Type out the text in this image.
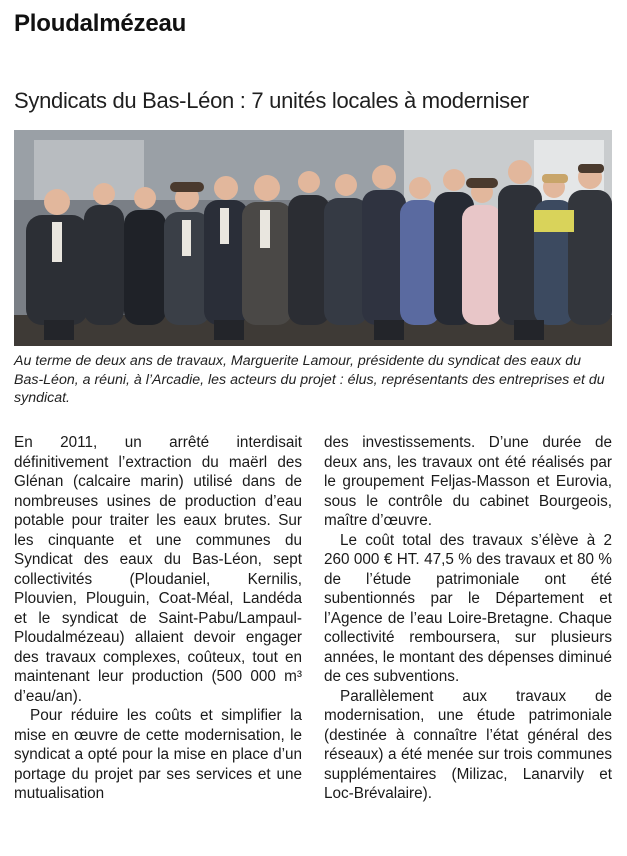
Ploudalmézeau
Syndicats du Bas-Léon : 7 unités locales à moderniser

Au terme de deux ans de travaux, Marguerite Lamour, présidente du syndicat des eaux du Bas-Léon, a réuni, à l’Arcadie, les acteurs du projet : élus, représentants des entreprises et du syndicat.

En 2011, un arrêté interdisait définitivement l’extraction du maërl des Glénan (calcaire marin) utilisé dans de nombreuses usines de production d’eau potable pour traiter les eaux brutes. Sur les cinquante et une communes du Syndicat des eaux du Bas-Léon, sept collectivités (Ploudaniel, Kernilis, Plouvien, Plouguin, Coat-Méal, Landéda et le syndicat de Saint-Pabu/Lampaul-Ploudalmézeau) allaient devoir engager des travaux complexes, coûteux, tout en maintenant leur production (500 000 m³ d’eau/an).

Pour réduire les coûts et simplifier la mise en œuvre de cette modernisation, le syndicat a opté pour la mise en place d’un portage du projet par ses services et une mutualisation

des investissements. D’une durée de deux ans, les travaux ont été réalisés par le groupement Feljas-Masson et Eurovia, sous le contrôle du cabinet Bourgeois, maître d’œuvre.

Le coût total des travaux s’élève à 2 260 000 € HT. 47,5 % des travaux et 80 % de l’étude patrimoniale ont été subentionnés par le Département et l’Agence de l’eau Loire-Bretagne. Chaque collectivité remboursera, sur plusieurs années, le montant des dépenses diminué de ces subventions.

Parallèlement aux travaux de modernisation, une étude patrimoniale (destinée à connaître l’état général des réseaux) a été menée sur trois communes supplémentaires (Milizac, Lanarvily et Loc-Brévalaire).
